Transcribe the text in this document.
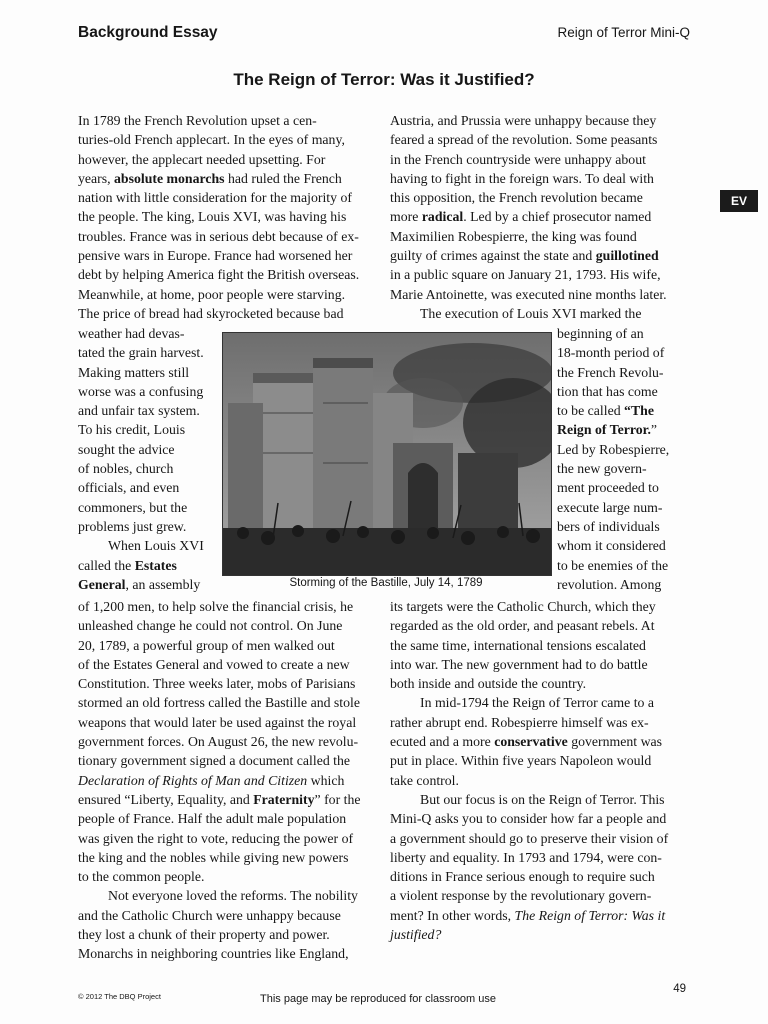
Background Essay	Reign of Terror Mini-Q
The Reign of Terror: Was it Justified?
EV
In 1789 the French Revolution upset a cen-
turies-old French applecart. In the eyes of many,
however, the applecart needed upsetting. For
years, absolute monarchs had ruled the French
nation with little consideration for the majority of
the people. The king, Louis XVI, was having his
troubles. France was in serious debt because of ex-
pensive wars in Europe. France had worsened her
debt by helping America fight the British overseas.
Meanwhile, at home, poor people were starving.
The price of bread had skyrocketed because bad
weather had devas-
tated the grain harvest.
Making matters still
worse was a confusing
and unfair tax system.
To his credit, Louis
sought the advice
of nobles, church
officials, and even
commoners, but the
problems just grew.
When Louis XVI
called the Estates
General, an assembly
of 1,200 men, to help solve the financial crisis, he
unleashed change he could not control. On June
20, 1789, a powerful group of men walked out
of the Estates General and vowed to create a new
Constitution. Three weeks later, mobs of Parisians
stormed an old fortress called the Bastille and stole
weapons that would later be used against the royal
government forces. On August 26, the new revolu-
tionary government signed a document called the
Declaration of Rights of Man and Citizen which
ensured “Liberty, Equality, and Fraternity” for the
people of France. Half the adult male population
was given the right to vote, reducing the power of
the king and the nobles while giving new powers
to the common people.
Not everyone loved the reforms. The nobility
and the Catholic Church were unhappy because
they lost a chunk of their property and power.
Monarchs in neighboring countries like England,
Austria, and Prussia were unhappy because they
feared a spread of the revolution. Some peasants
in the French countryside were unhappy about
having to fight in the foreign wars. To deal with
this opposition, the French revolution became
more radical. Led by a chief prosecutor named
Maximilien Robespierre, the king was found
guilty of crimes against the state and guillotined
in a public square on January 21, 1793. His wife,
Marie Antoinette, was executed nine months later.
The execution of Louis XVI marked the
beginning of an
18-month period of
the French Revolu-
tion that has come
to be called “The
Reign of Terror.”
Led by Robespierre,
the new govern-
ment proceeded to
execute large num-
bers of individuals
whom it considered
to be enemies of the
revolution. Among
its targets were the Catholic Church, which they
regarded as the old order, and peasant rebels. At
the same time, international tensions escalated
into war. The new government had to do battle
both inside and outside the country.
In mid-1794 the Reign of Terror came to a
rather abrupt end. Robespierre himself was ex-
ecuted and a more conservative government was
put in place. Within five years Napoleon would
take control.
But our focus is on the Reign of Terror. This
Mini-Q asks you to consider how far a people and
a government should go to preserve their vision of
liberty and equality. In 1793 and 1794, were con-
ditions in France serious enough to require such
a violent response by the revolutionary govern-
ment? In other words, The Reign of Terror: Was it
justified?
Storming of the Bastille, July 14, 1789
© 2012 The DBQ Project	This page may be reproduced for classroom use
49
